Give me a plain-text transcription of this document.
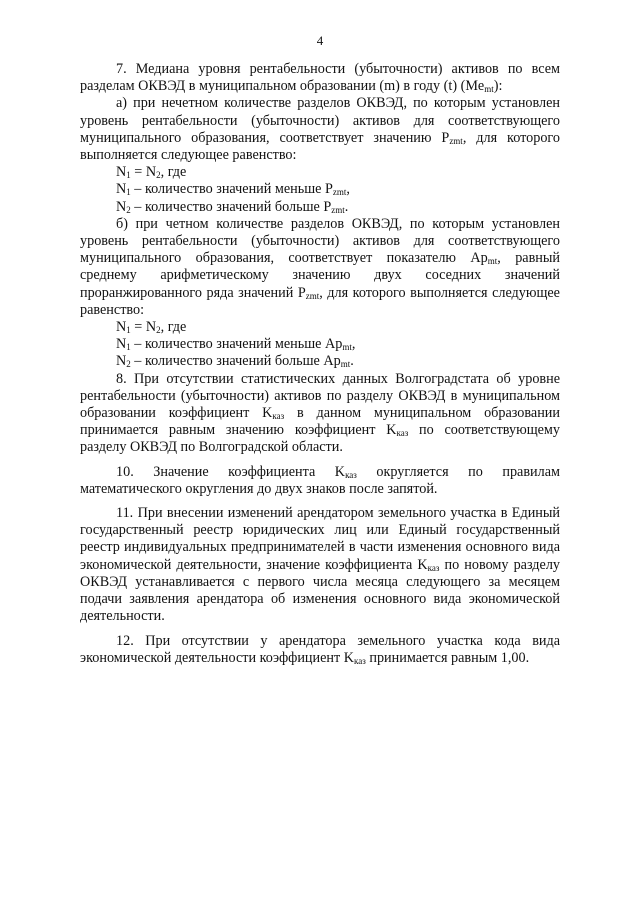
4

7. Медиана уровня рентабельности (убыточности) активов по всем разделам ОКВЭД в муниципальном образовании (m) в году (t) $(Me_{mt})$:

а) при нечетном количестве разделов ОКВЭД, по которым установлен уровень рентабельности (убыточности) активов для соответствующего муниципального образования, соответствует значению $P_{zmt}$, для которого выполняется следующее равенство:

$N_1 = N_2$, где

$N_1$ – количество значений меньше $P_{zmt}$,

$N_2$ – количество значений больше $P_{zmt}$.

б) при четном количестве разделов ОКВЭД, по которым установлен уровень рентабельности (убыточности) активов для соответствующего муниципального образования, соответствует показателю $Ap_{mt}$, равный среднему арифметическому значению двух соседних значений проранжированного ряда значений $P_{zmt}$, для которого выполняется следующее равенство:

$N_1 = N_2$, где

$N_1$ – количество значений меньше $Ap_{mt}$,

$N_2$ – количество значений больше $Ap_{mt}$.

8. При отсутствии статистических данных Волгоградстата об уровне рентабельности (убыточности) активов по разделу ОКВЭД в муниципальном образовании коэффициент $K_{каз}$ в данном муниципальном образовании принимается равным значению коэффициент $K_{каз}$ по соответствующему разделу ОКВЭД по Волгоградской области.

10. Значение коэффициента $K_{каз}$ округляется по правилам математического округления до двух знаков после запятой.

11. При внесении изменений арендатором земельного участка в Единый государственный реестр юридических лиц или Единый государственный реестр индивидуальных предпринимателей в части изменения основного вида экономической деятельности, значение коэффициента $K_{каз}$ по новому разделу ОКВЭД устанавливается с первого числа месяца следующего за месяцем подачи заявления арендатора об изменения основного вида экономической деятельности.

12. При отсутствии у арендатора земельного участка кода вида экономической деятельности коэффициент $K_{каз}$ принимается равным 1,00.
